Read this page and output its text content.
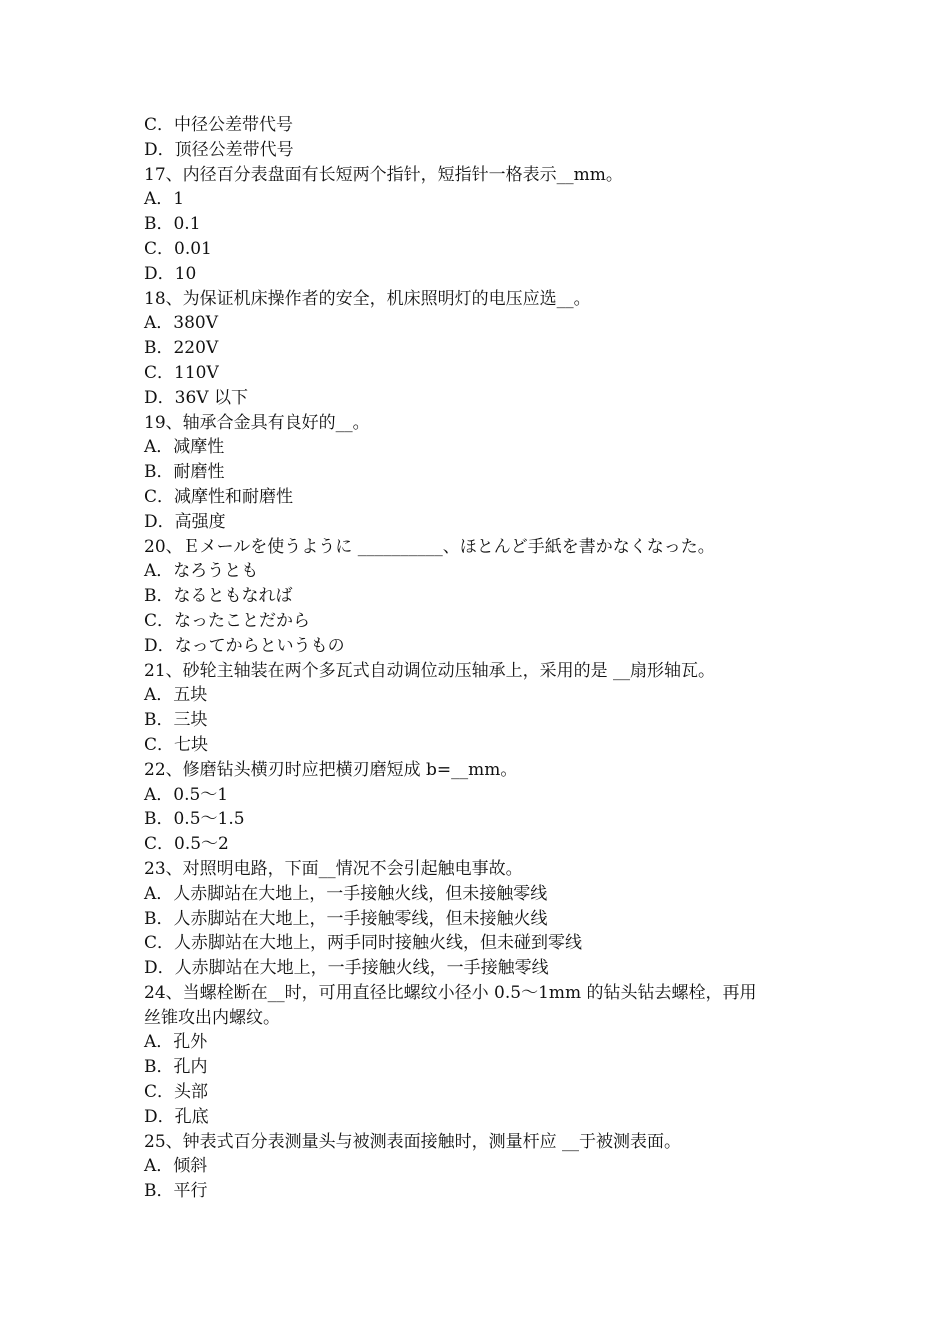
C．中径公差带代号

D．顶径公差带代号

17、内径百分表盘面有长短两个指针，短指针一格表示__mm。

A．1

B．0.1

C．0.01

D．10

18、为保证机床操作者的安全，机床照明灯的电压应选__。

A．380V

B．220V

C．110V

D．36V 以下

19、轴承合金具有良好的__。

A．减摩性

B．耐磨性

C．减摩性和耐磨性

D．高强度

20、Ｅメールを使うように __________、ほとんど手紙を書かなくなった。

A．なろうとも

B．なるともなれば

C．なったことだから

D．なってからというもの

21、砂轮主轴装在两个多瓦式自动调位动压轴承上，采用的是 __扇形轴瓦。

A．五块

B．三块

C．七块

22、修磨钻头横刃时应把横刃磨短成 b=__mm。

A．0.5～1

B．0.5～1.5

C．0.5～2

23、对照明电路，下面__情况不会引起触电事故。

A．人赤脚站在大地上，一手接触火线，但未接触零线

B．人赤脚站在大地上，一手接触零线，但未接触火线

C．人赤脚站在大地上，两手同时接触火线，但未碰到零线

D．人赤脚站在大地上，一手接触火线，一手接触零线

24、当螺栓断在__时，可用直径比螺纹小径小 0.5～1mm 的钻头钻去螺栓，再用

丝锥攻出内螺纹。

A．孔外

B．孔内

C．头部

D．孔底

25、钟表式百分表测量头与被测表面接触时，测量杆应 __于被测表面。

A．倾斜

B．平行
